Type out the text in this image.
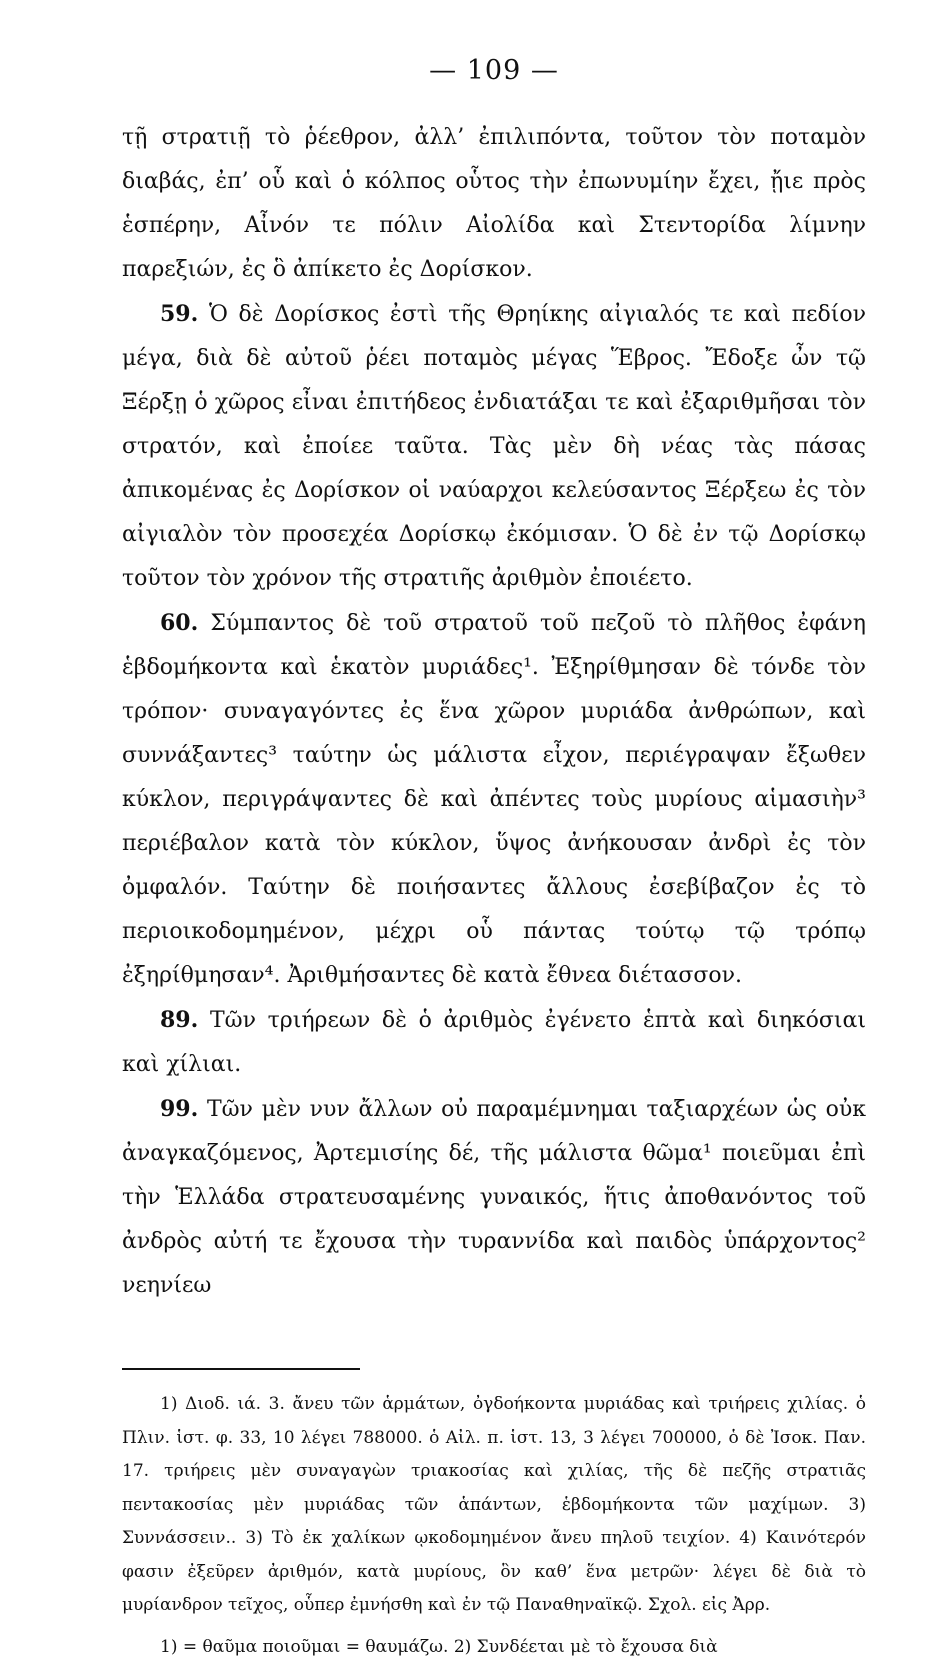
— 109 —

τῇ στρατιῇ τὸ ῥέεθρον, ἀλλ’ ἐπιλιπόντα, τοῦτον τὸν ποταμὸν διαβάς, ἐπ’ οὗ καὶ ὁ κόλπος οὗτος τὴν ἐπωνυμίην ἔχει, ᾔιε πρὸς ἑσπέρην, Αἶνόν τε πόλιν Αἰολίδα καὶ Στεντορίδα λίμνην παρεξιών, ἐς ὃ ἀπίκετο ἐς Δορίσκον.

59. Ὁ δὲ Δορίσκος ἐστὶ τῆς Θρηίκης αἰγιαλός τε καὶ πεδίον μέγα, διὰ δὲ αὐτοῦ ῥέει ποταμὸς μέγας Ἕβρος. Ἔδοξε ὦν τῷ Ξέρξῃ ὁ χῶρος εἶναι ἐπιτήδεος ἐνδιατάξαι τε καὶ ἐξαριθμῆσαι τὸν στρατόν, καὶ ἐποίεε ταῦτα. Τὰς μὲν δὴ νέας τὰς πάσας ἀπικομένας ἐς Δορίσκον οἱ ναύαρχοι κελεύσαντος Ξέρξεω ἐς τὸν αἰγιαλὸν τὸν προσεχέα Δορίσκῳ ἐκόμισαν. Ὁ δὲ ἐν τῷ Δορίσκῳ τοῦτον τὸν χρόνον τῆς στρατιῆς ἀριθμὸν ἐποιέετο.

60. Σύμπαντος δὲ τοῦ στρατοῦ τοῦ πεζοῦ τὸ πλῆθος ἐφάνη ἑβδομήκοντα καὶ ἑκατὸν μυριάδες¹. Ἐξηρίθμησαν δὲ τόνδε τὸν τρόπον· συναγαγόντες ἐς ἕνα χῶρον μυριάδα ἀνθρώπων, καὶ συννάξαντες³ ταύτην ὡς μάλιστα εἶχον, περιέγραψαν ἔξωθεν κύκλον, περιγράψαντες δὲ καὶ ἀπέντες τοὺς μυρίους αἱμασιὴν³ περιέβαλον κατὰ τὸν κύκλον, ὕψος ἀνήκουσαν ἀνδρὶ ἐς τὸν ὀμφαλόν. Ταύτην δὲ ποιήσαντες ἄλλους ἐσεβίβαζον ἐς τὸ περιοικοδομημένον, μέχρι οὗ πάντας τούτῳ τῷ τρόπῳ ἐξηρίθμησαν⁴. Ἀριθμήσαντες δὲ κατὰ ἔθνεα διέτασσον.

89. Τῶν τριήρεων δὲ ὁ ἀριθμὸς ἐγένετο ἑπτὰ καὶ διηκόσιαι καὶ χίλιαι.

99. Τῶν μὲν νυν ἄλλων οὐ παραμέμνημαι ταξιαρχέων ὡς οὐκ ἀναγκαζόμενος, Ἀρτεμισίης δέ, τῆς μάλιστα θῶμα¹ ποιεῦμαι ἐπὶ τὴν Ἑλλάδα στρατευσαμένης γυναικός, ἥτις ἀποθανόντος τοῦ ἀνδρὸς αὐτή τε ἔχουσα τὴν τυραννίδα καὶ παιδὸς ὑπάρχοντος² νεηνίεω

1) Διοδ. ιά. 3. ἄνευ τῶν ἁρμάτων, ὀγδοήκοντα μυριάδας καὶ τριήρεις χιλίας. ὁ Πλιν. ἱστ. φ. 33, 10 λέγει 788000. ὁ Αἰλ. π. ἱστ. 13, 3 λέγει 700000, ὁ δὲ Ἰσοκ. Παν. 17. τριήρεις μὲν συναγαγὼν τριακοσίας καὶ χιλίας, τῆς δὲ πεζῆς στρατιᾶς πεντακοσίας μὲν μυριάδας τῶν ἁπάντων, ἑβδομήκοντα τῶν μαχίμων. 3) Συννάσσειν.. 3) Τὸ ἐκ χαλίκων ῳκοδομημένον ἄνευ πηλοῦ τειχίον. 4) Καινότερόν φασιν ἐξεῦρεν ἀριθμόν, κατὰ μυρίους, ὃν καθ’ ἕνα μετρῶν· λέγει δὲ διὰ τὸ μυρίανδρον τεῖχος, οὗπερ ἐμνήσθη καὶ ἐν τῷ Παναθηναϊκῷ. Σχολ. εἰς Ἀρρ.

1) = θαῦμα ποιοῦμαι = θαυμάζω. 2) Συνδέεται μὲ τὸ ἔχουσα διὰ
